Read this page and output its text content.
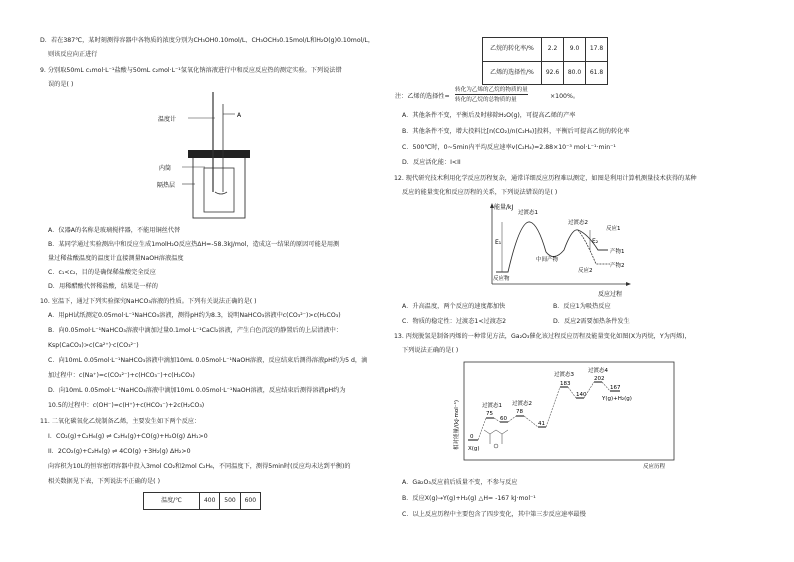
D．若在387℃，某时刻测得容器中各物质的浓度分别为CH₃OH0.10mol/L、CH₃OCH₃0.15mol/L和H₂O(g)0.10mol/L，
则该反应向正进行
9. 分别取50mL c₁mol·L⁻¹盐酸与50mL c₂mol·L⁻¹氢氧化钠溶液进行中和反应反应热的测定实验。下列说法错
误的是( )
温度计
A
内筒
隔热层
A．仪器A的名称是玻璃搅拌器，不能用铜丝代替
B．某同学通过实验测出中和反应生成1molH₂O反应热ΔH=-58.3kJ/mol，造成这一结果的原因可能是用测
量过稀盐酸温度的温度计直接测量NaOH溶液温度
C．c₁<c₂，目的是确保稀盐酸完全反应
D．用稀醋酸代替稀盐酸，结果是一样的
10. 室温下，通过下列实验探究NaHCO₃溶液的性质。下列有关说法正确的是( )
A．用pH试纸测定0.05mol·L⁻¹NaHCO₃溶液，测得pH约为8.3，说明NaHCO₃溶液中c(CO₃²⁻)>c(H₂CO₃)
B．向0.05mol·L⁻¹NaHCO₃溶液中滴加过量0.1mol·L⁻¹CaCl₂溶液，产生白色沉淀的静置后的上层清液中：
Ksp(CaCO₃)>c(Ca²⁺)·c(CO₃²⁻)
C．向10mL 0.05mol·L⁻¹NaHCO₃溶液中滴加10mL 0.05mol·L⁻¹NaOH溶液，反应结束后测得溶液pH约为5 d，滴
加过程中：c(Na⁺)=c(CO₃²⁻)+c(HCO₃⁻)+c(H₂CO₃)
D．向10mL 0.05mol·L⁻¹NaHCO₃溶液中滴加10mL 0.05mol·L⁻¹NaOH溶液，反应结束后测得溶液pH约为
10.5的过程中：c(OH⁻)=c(H⁺)+c(HCO₃⁻)+2c(H₂CO₃)
11. 二氧化碳氧化乙烷制备乙烯，主要发生如下两个反应：
I．CO₂(g)+C₂H₆(g) ⇌ C₂H₄(g)+CO(g)+H₂O(g) ΔH₁>0
II．2CO₂(g)+C₂H₆(g) ⇌ 4CO(g) +3H₂(g) ΔH₂>0
向容积为10L的恒容密闭容器中投入3mol CO₂和2mol C₂H₆，不同温度下，测得5min时(反应均未达到平衡)的
相关数据见下表，下列说法不正确的是( )
温度/℃	400	500	600
乙烷的转化率/%	2.2	9.0	17.8
乙烯的选择性/%	92.6	80.0	61.8
注：乙烯的选择性=
转化为乙烯的乙烷的物质的量
转化的乙烷的总物质的量	×100%。
A．其他条件不变，平衡后及时移除H₂O(g)，可提高乙烯的产率
B．其他条件不变，增大投料比[n(CO₂)/n(C₂H₆)]投料，平衡后可提高乙烷的转化率
C．500℃时，0~5min内平均反应速率v(C₂H₄)=2.88×10⁻³ mol·L⁻¹·min⁻¹
D．反应活化能：I<II
12. 现代研究技术利用化学反应历程复杂，通常详细反应历程难以测定，如图是利用计算机测量技术获得的某种
反应的能量变化和反应历程的关系，下列说法错误的是( )
能量/kJ
反应过程
过渡态1
过渡态2
反应1
反应2
E₁	E₂
中间产物
反应物
产物1
产物2
A．升高温度，两个反应的速度都加快	B．反应1为吸热反应
C．物质的稳定性：过渡态1<过渡态2	D．反应2需要加热条件发生
13. 丙烷脱氢是制备丙烯的一种常见方法，Ga₂O₃催化该过程反应历程及能量变化如图(X为丙烷，Y为丙烯)，
下列说法正确的是( )
相对能量/(kJ·mol⁻¹)
反应历程
0
X(g)
过渡态1
75
60
过渡态2
78
41
过渡态3
183
140
过渡态4
202
167
Y(g)+H₂(g)
A．Ga₂O₃反应前后质量不变，不参与反应
B．反应X(g)→Y(g)+H₂(g) △H= -167 kJ·mol⁻¹
C．以上反应历程中主要包含了四步变化，其中第三步反应速率最慢
